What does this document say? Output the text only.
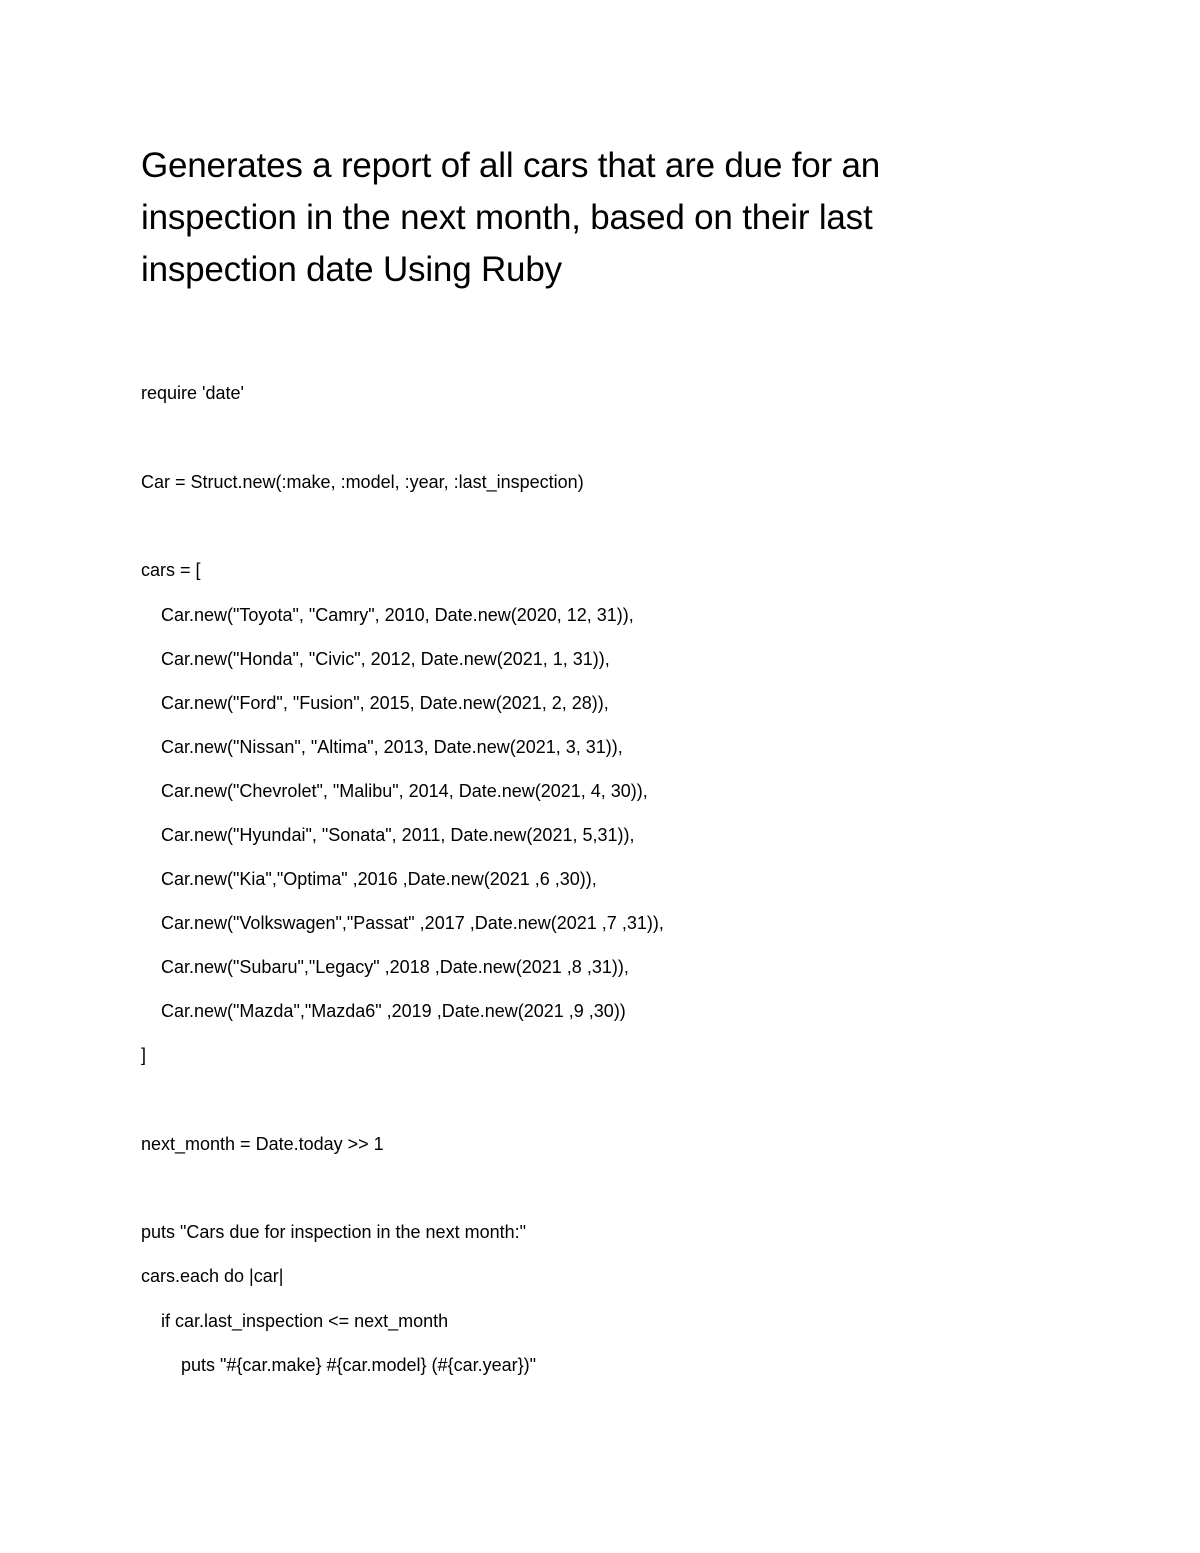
Generates a report of all cars that are due for an inspection in the next month, based on their last inspection date Using Ruby

require 'date'

Car = Struct.new(:make, :model, :year, :last_inspection)

cars = [

Car.new("Toyota", "Camry", 2010, Date.new(2020, 12, 31)),

Car.new("Honda", "Civic", 2012, Date.new(2021, 1, 31)),

Car.new("Ford", "Fusion", 2015, Date.new(2021, 2, 28)),

Car.new("Nissan", "Altima", 2013, Date.new(2021, 3, 31)),

Car.new("Chevrolet", "Malibu", 2014, Date.new(2021, 4, 30)),

Car.new("Hyundai", "Sonata", 2011, Date.new(2021, 5,31)),

Car.new("Kia","Optima" ,2016 ,Date.new(2021 ,6 ,30)),

Car.new("Volkswagen","Passat" ,2017 ,Date.new(2021 ,7 ,31)),

Car.new("Subaru","Legacy" ,2018 ,Date.new(2021 ,8 ,31)),

Car.new("Mazda","Mazda6" ,2019 ,Date.new(2021 ,9 ,30))

]

next_month = Date.today >> 1

puts "Cars due for inspection in the next month:"

cars.each do |car|

if car.last_inspection <= next_month

puts "#{car.make} #{car.model} (#{car.year})"
